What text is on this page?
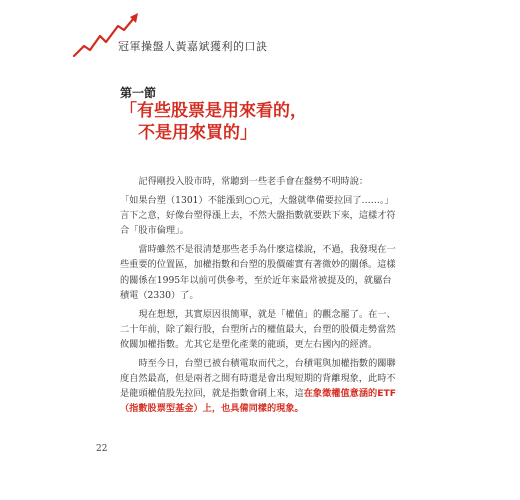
冠軍操盤人黃嘉斌獲利的口訣
第一節
「有些股票是用來看的，
不是用來買的」

記得剛投入股市時，常聽到一些老手會在盤勢不明時說：

「如果台塑（1301）不能漲到○○元，大盤就準備要拉回了……。」言下之意，好像台塑得漲上去，不然大盤指數就要跌下來，這樣才符合「股市倫理」。

當時雖然不是很清楚那些老手為什麼這樣說，不過，我發現在一些重要的位置區，加權指數和台塑的股價確實有著微妙的關係。這樣的關係在1995年以前可供參考，至於近年來最常被提及的，就屬台積電（2330）了。

現在想想，其實原因很簡單，就是「權值」的觀念罷了。在一、二十年前，除了銀行股，台塑所占的權值最大，台塑的股價走勢當然攸關加權指數。尤其它是塑化產業的龍頭，更左右國內的經濟。

時至今日，台塑已被台積電取而代之，台積電與加權指數的關聯度自然最高，但是兩者之間有時還是會出現短期的背離現象，此時不是龍頭權值股先拉回，就是指數會刷上來，這在象徵權值意涵的ETF（指數股票型基金）上，也具備同樣的現象。

22
